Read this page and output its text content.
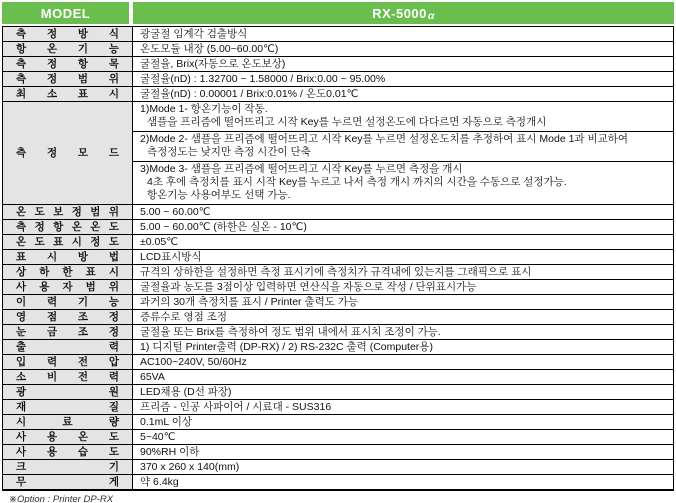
MODEL	RX-5000 α
측 정 방 식	광굴절 임계각 검출방식
항 온 기 능	온도모듈 내장 (5.00~60.00℃)
측 정 항 목	굴절율, Brix(자동으로 온도보상)
측 정 범 위	굴절율(nD) : 1.32700 ~ 1.58000 / Brix:0.00 ~ 95.00%
최 소 표 시	굴절율(nD) : 0.00001 / Brix:0.01% / 온도0.01℃
측 정 모 드
1)Mode 1- 항온기능이 작동.
샘플을 프리즘에 떨어뜨리고 시작 Key를 누르면 설정온도에 다다르면 자동으로 측정개시
2)Mode 2- 샘플을 프리즘에 떨어뜨리고 시작 Key를 누르면 설정온도치를 추정하여 표시 Mode 1과 비교하여
측정정도는 낮지만 측정 시간이 단축
3)Mode 3- 샘플을 프리즘에 떨어뜨리고 시작 Key를 누르면 측정을 개시
4초 후에 측정치를 표시 시작 Key를 누르고 나서 측정 개시 까지의 시간을 수동으로 설정가능.
항온기능 사용여부도 선택 가능.
온 도 보 정 범 위	5.00 ~ 60.00℃
측 정 항 온 온 도	5.00 ~ 60.00℃ (하한은 실온 - 10℃)
온 도 표 시 정 도	±0.05℃
표 시 방 법	LCD표시방식
상 하 한 표 시	규격의 상하한을 설정하면 측정 표시기에 측정치가 규격내에 있는지를 그래픽으로 표시
사 용 자 범 위	굴절율과 농도를 3점이상 입력하면 연산식을 자동으로 작성 / 단위표시가능
이 력 기 능	과거의 30개 측정치를 표시 / Printer 출력도 가능
영 점 조 정	증류수로 영점 조정
눈 금 조 정	굴절율 또는 Brix를 측정하여 정도 범위 내에서 표시치 조정이 가능.
출 력	1) 디지털 Printer출력 (DP-RX) / 2) RS-232C 출력 (Computer용)
입 력 전 압	AC100~240V, 50/60Hz
소 비 전 력	65VA
광 원	LED채용 (D선 파장)
재 질	프리즘 - 인공 사파이어 / 시료대 - SUS316
시 료 량	0.1mL 이상
사 용 온 도	5~40℃
사 용 습 도	90%RH 이하
크 기	370 x 260 x 140(mm)
무 게	약 6.4kg
※Option : Printer DP-RX
